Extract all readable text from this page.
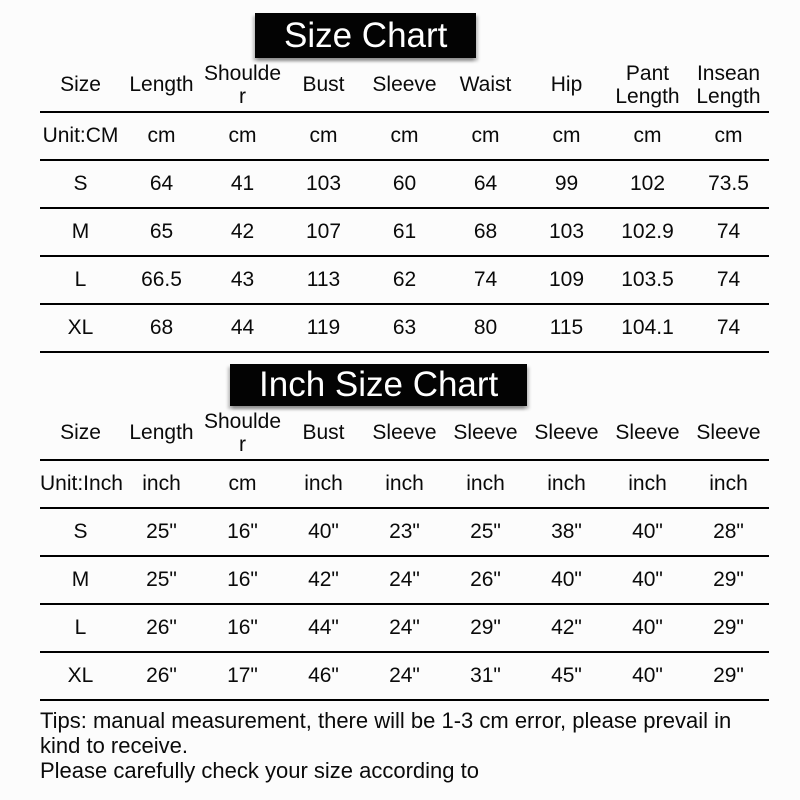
Size Chart
Size	Length	Shoulder	Bust	Sleeve	Waist	Hip	Pant Length	Insean Length
Unit:CM	cm	cm	cm	cm	cm	cm	cm	cm
S	64	41	103	60	64	99	102	73.5
M	65	42	107	61	68	103	102.9	74
L	66.5	43	113	62	74	109	103.5	74
XL	68	44	119	63	80	115	104.1	74
Inch Size Chart
Size	Length	Shoulder	Bust	Sleeve	Sleeve	Sleeve	Sleeve	Sleeve
Unit:Inch	inch	cm	inch	inch	inch	inch	inch	inch
S	25"	16"	40"	23"	25"	38"	40"	28"
M	25"	16"	42"	24"	26"	40"	40"	29"
L	26"	16"	44"	24"	29"	42"	40"	29"
XL	26"	17"	46"	24"	31"	45"	40"	29"

Tips: manual measurement, there will be 1-3 cm error, please prevail in kind to receive.

Please carefully check your size according to
